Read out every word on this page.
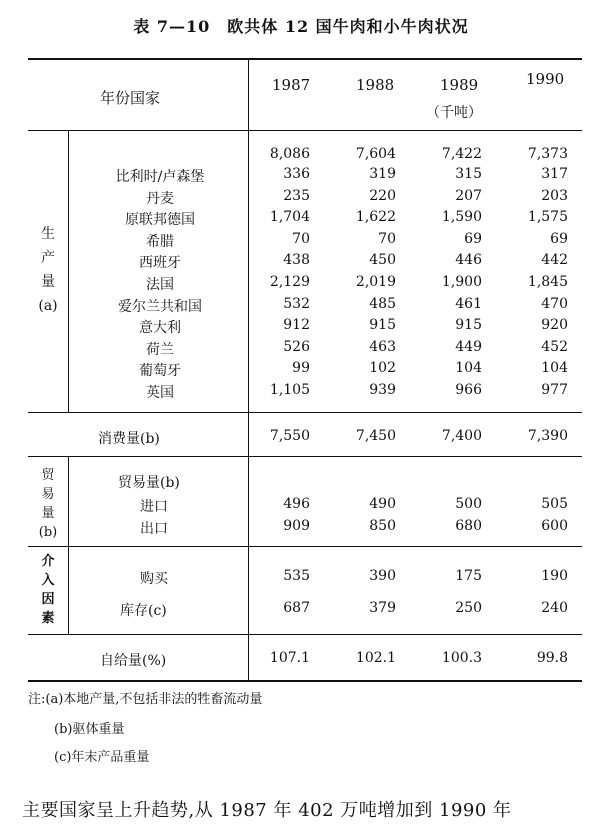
表 7—10　欧共体 12 国牛肉和小牛肉状况
年份国家
1987	1988	1989	1990
（千吨）
生
产
量
(a)
8,086	7,604	7,422	7,373
比利时/卢森堡	336	319	315	317
丹麦	235	220	207	203
原联邦德国	1,704	1,622	1,590	1,575
希腊	70	70	69	69
西班牙	438	450	446	442
法国	2,129	2,019	1,900	1,845
爱尔兰共和国	532	485	461	470
意大利	912	915	915	920
荷兰	526	463	449	452
葡萄牙	99	102	104	104
英国	1,105	939	966	977
消费量(b)	7,550	7,450	7,400	7,390
贸
易
量
(b)
贸易量(b)
进口	496	490	500	505
出口	909	850	680	600
介
入
因
素
购买	535	390	175	190
库存(c)	687	379	250	240
自给量(%)	107.1	102.1	100.3	99.8
注:(a)本地产量,不包括非法的牲畜流动量
(b)驱体重量
(c)年末产品重量
主要国家呈上升趋势,从 1987 年 402 万吨增加到 1990 年
